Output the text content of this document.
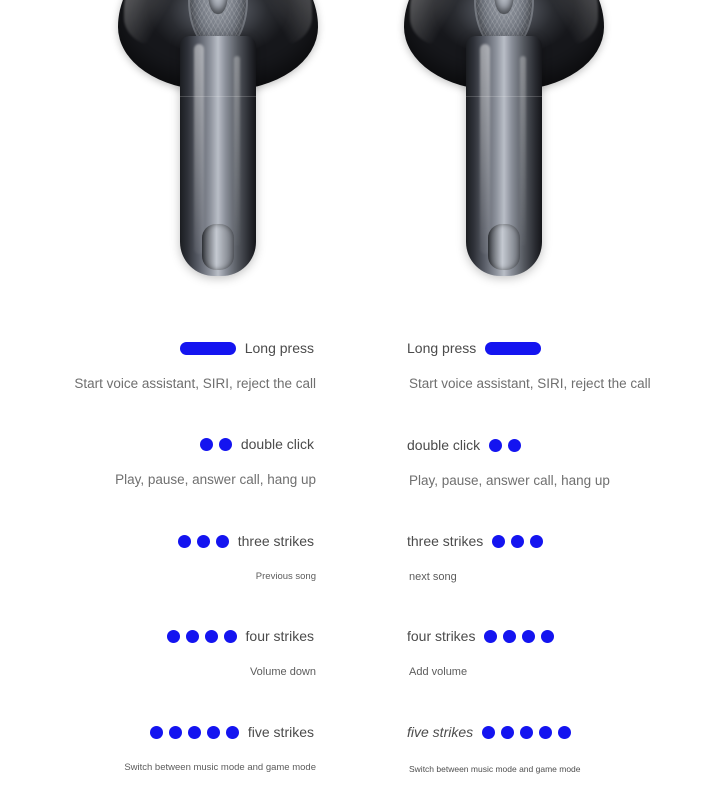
Long press
Start voice assistant, SIRI, reject the call
double click
Play, pause, answer call, hang up
three strikes
Previous song
four strikes
Volume down
five strikes
Switch between music mode and game mode
Long press
Start voice assistant, SIRI, reject the call
double click
Play, pause, answer call, hang up
three strikes
next song
four strikes
Add volume
five strikes
Switch between music mode and game mode
